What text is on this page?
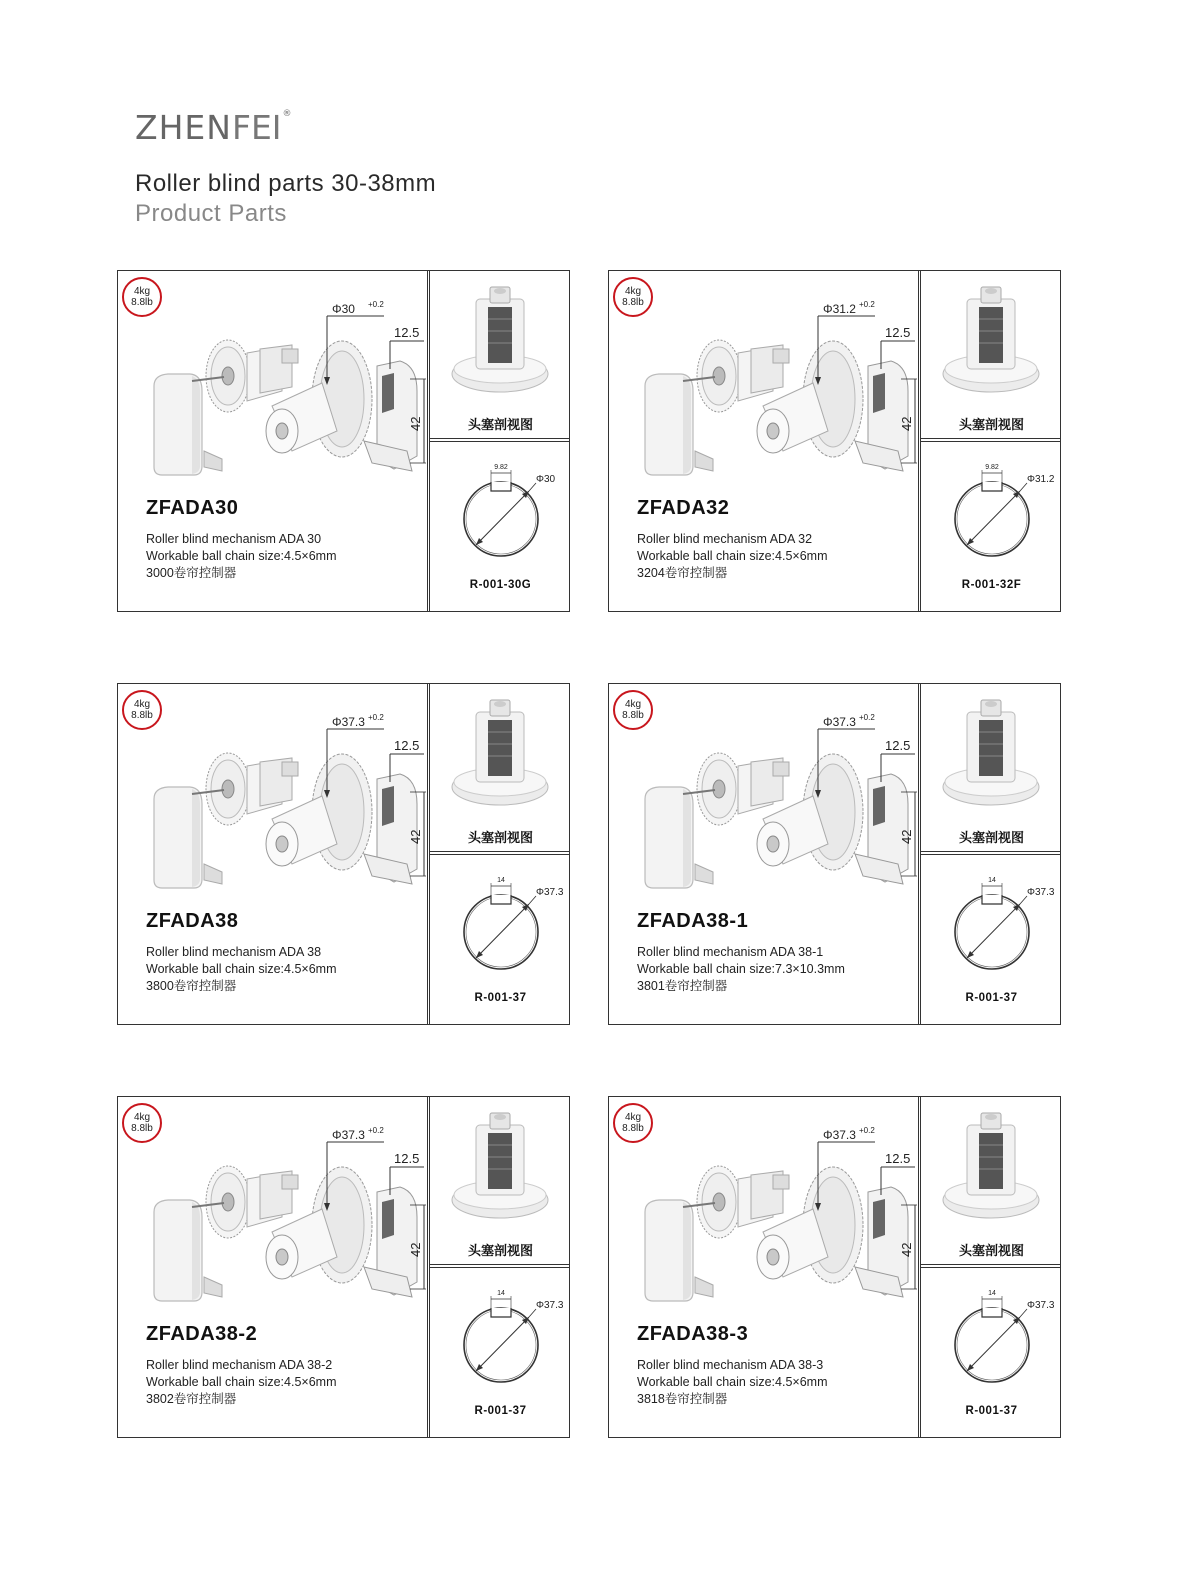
ZHENFEI®
Roller blind parts 30-38mm
Product Parts
4kg
8.8lb	Φ30 +0.2
12.5
42
ZFADA30
Roller blind mechanism ADA 30
Workable ball chain size:4.5×6mm
3000卷帘控制器
头塞剖视图
9.82
Φ30
R-001-30G
4kg
8.8lb	Φ31.2 +0.2
12.5
42
ZFADA32
Roller blind mechanism ADA 32
Workable ball chain size:4.5×6mm
3204卷帘控制器
头塞剖视图
9.82
Φ31.2
R-001-32F
4kg
8.8lb	Φ37.3 +0.2
12.5
42
ZFADA38
Roller blind mechanism ADA 38
Workable ball chain size:4.5×6mm
3800卷帘控制器
头塞剖视图
14
Φ37.3
R-001-37
4kg
8.8lb	Φ37.3 +0.2
12.5
42
ZFADA38-1
Roller blind mechanism ADA 38-1
Workable ball chain size:7.3×10.3mm
3801卷帘控制器
头塞剖视图
14
Φ37.3
R-001-37
4kg
8.8lb	Φ37.3 +0.2
12.5
42
ZFADA38-2
Roller blind mechanism ADA 38-2
Workable ball chain size:4.5×6mm
3802卷帘控制器
头塞剖视图
14
Φ37.3
R-001-37
4kg
8.8lb	Φ37.3 +0.2
12.5
42
ZFADA38-3
Roller blind mechanism ADA 38-3
Workable ball chain size:4.5×6mm
3818卷帘控制器
头塞剖视图
14
Φ37.3
R-001-37
